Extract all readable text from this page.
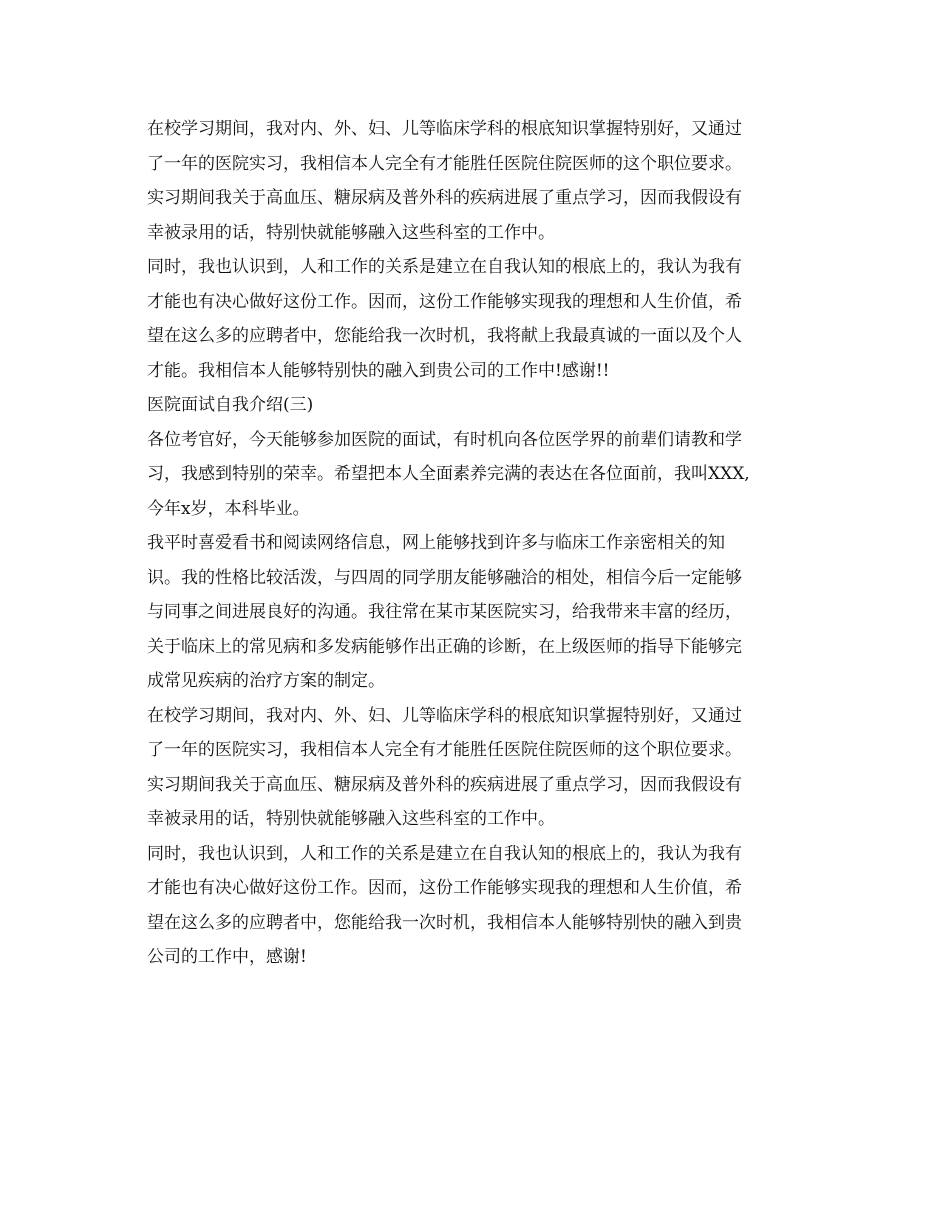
在校学习期间，我对内、外、妇、儿等临床学科的根底知识掌握特别好，又通过
了一年的医院实习，我相信本人完全有才能胜任医院住院医师的这个职位要求。
实习期间我关于高血压、糖尿病及普外科的疾病进展了重点学习，因而我假设有
幸被录用的话，特别快就能够融入这些科室的工作中。
同时，我也认识到，人和工作的关系是建立在自我认知的根底上的，我认为我有
才能也有决心做好这份工作。因而，这份工作能够实现我的理想和人生价值，希
望在这么多的应聘者中，您能给我一次时机，我将献上我最真诚的一面以及个人
才能。我相信本人能够特别快的融入到贵公司的工作中!感谢!!
医院面试自我介绍(三)
各位考官好，今天能够参加医院的面试，有时机向各位医学界的前辈们请教和学
习，我感到特别的荣幸。希望把本人全面素养完满的表达在各位面前，我叫XXX,
今年x岁，本科毕业。
我平时喜爱看书和阅读网络信息，网上能够找到许多与临床工作亲密相关的知
识。我的性格比较活泼，与四周的同学朋友能够融洽的相处，相信今后一定能够
与同事之间进展良好的沟通。我往常在某市某医院实习，给我带来丰富的经历，
关于临床上的常见病和多发病能够作出正确的诊断，在上级医师的指导下能够完
成常见疾病的治疗方案的制定。
在校学习期间，我对内、外、妇、儿等临床学科的根底知识掌握特别好，又通过
了一年的医院实习，我相信本人完全有才能胜任医院住院医师的这个职位要求。
实习期间我关于高血压、糖尿病及普外科的疾病进展了重点学习，因而我假设有
幸被录用的话，特别快就能够融入这些科室的工作中。
同时，我也认识到，人和工作的关系是建立在自我认知的根底上的，我认为我有
才能也有决心做好这份工作。因而，这份工作能够实现我的理想和人生价值，希
望在这么多的应聘者中，您能给我一次时机，我相信本人能够特别快的融入到贵
公司的工作中，感谢!
